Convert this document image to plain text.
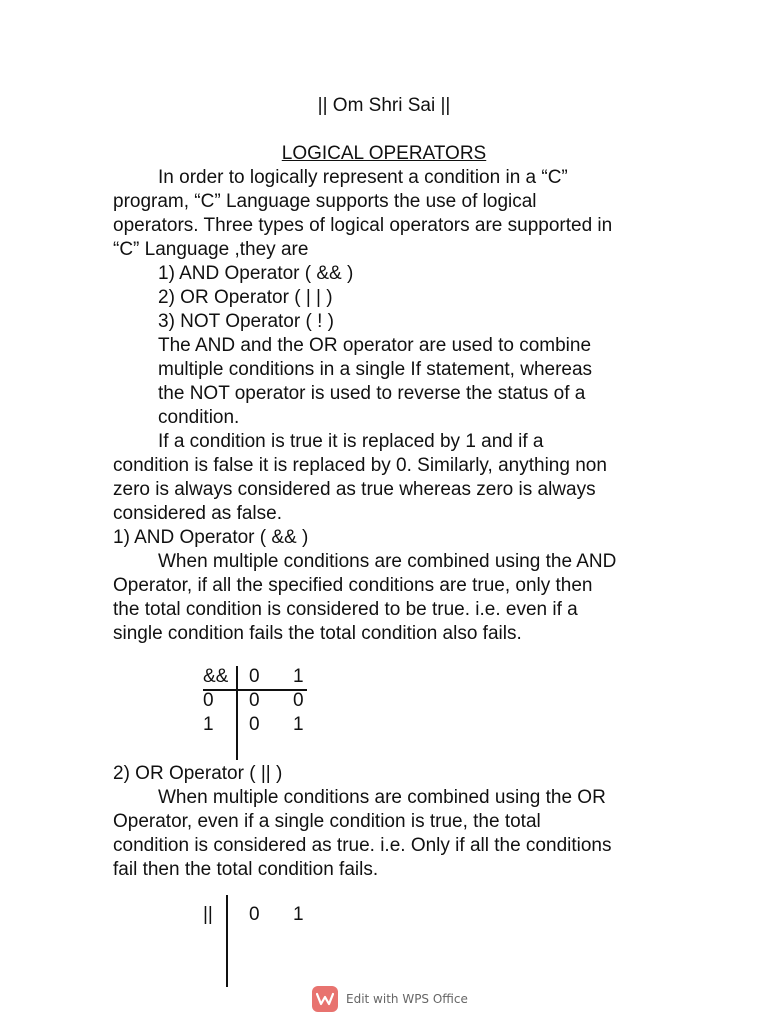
|| Om Shri Sai ||
LOGICAL OPERATORS
In order to logically represent a condition in a “C”
program, “C” Language supports the use of logical
operators. Three types of logical operators are supported in
“C” Language ,they are
1) AND Operator ( && )
2) OR Operator ( | | )
3) NOT Operator ( ! )
The AND and the OR operator are used to combine
multiple conditions in a single If statement, whereas
the NOT operator is used to reverse the status of a
condition.
If a condition is true it is replaced by 1 and if a
condition is false it is replaced by 0. Similarly, anything non
zero is always considered as true whereas zero is always
considered as false.
1) AND Operator ( && )
When multiple conditions are combined using the AND
Operator, if all the specified conditions are true, only then
the total condition is considered to be true. i.e. even if a
single condition fails the total condition also fails.
&& 0 1
0 0 0
1 0 1
2) OR Operator ( || )
When multiple conditions are combined using the OR
Operator, even if a single condition is true, the total
condition is considered as true. i.e. Only if all the conditions
fail then the total condition fails.
|| 0 1
Edit with WPS Office
